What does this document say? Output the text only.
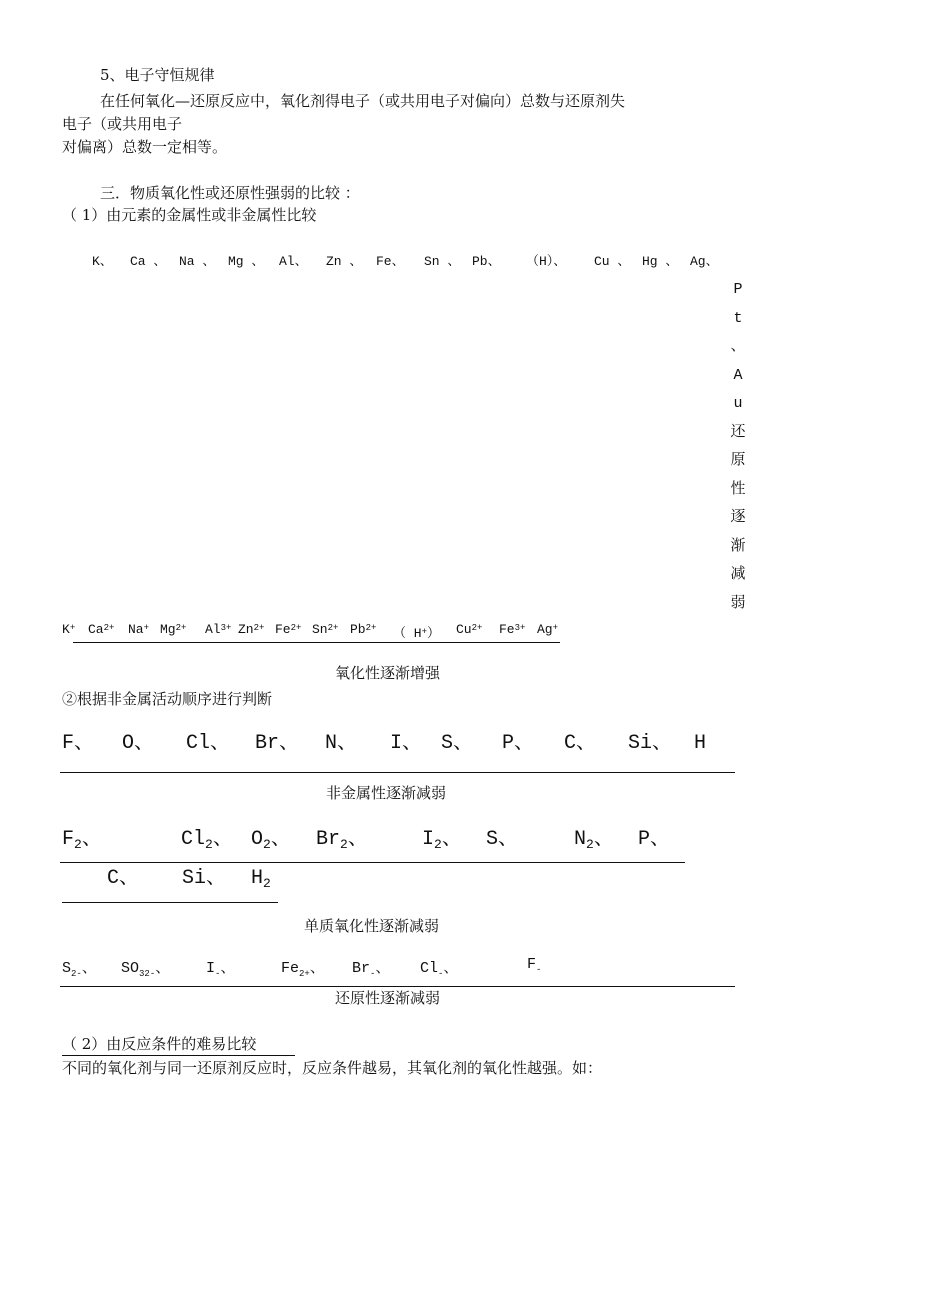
5、电子守恒规律
在任何氧化—还原反应中，氧化剂得电子（或共用电子对偏向）总数与还原剂失
电子（或共用电子
对偏离）总数一定相等。
三．物质氧化性或还原性强弱的比较 ：
（ 1）由元素的金属性或非金属性比较
K、 Ca 、 Na 、 Mg 、 Al、 Zn 、 Fe、 Sn 、 Pb、 （H）、 Cu 、 Hg 、 Ag、
P
t
、
A
u
还
原
性
逐
渐
减
弱
K+ $Ca^{2+}$ Na+ $Mg^{2+}$ $Al^{3+}$ $Zn^{2+}$ $Fe^{2+}$ $Sn^{2+}$ $Pb^{2+}$ （ H+） $Cu^{2+}$ $Fe^{3+}$ Ag+
氧化性逐渐增强
②根据非金属活动顺序进行判断
F、 O、 Cl、 Br、 N、 I、 S、 P、 C、 Si、 H
非金属性逐渐减弱
$F_2$、	$Cl_2$、 $O_2$、 $Br_2$、	$I_2$、 S、	$N_2$、 P、
C、 Si、 $H_2$
单质氧化性逐渐减弱
$S_{2-}$、 $SO_{32-}$、 $I_-$、	$Fe_{2+}$、 $Br_-$、 $Cl_-$、	$F_-$
还原性逐渐减弱
（ 2）由反应条件的难易比较
不同的氧化剂与同一还原剂反应时，反应条件越易，其氧化剂的氧化性越强。如：
